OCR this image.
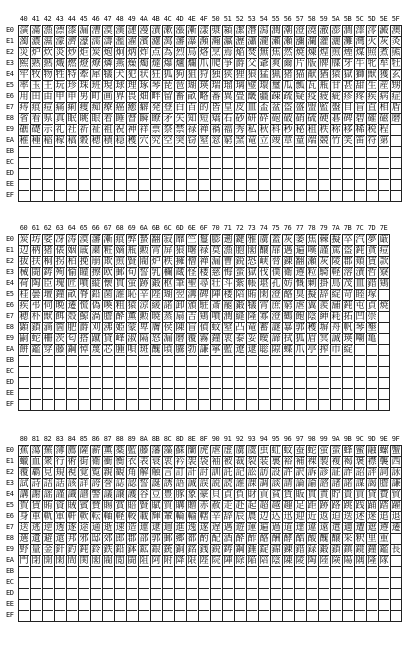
40 41 42 43 44 45 46 47 48 49 4A 4B 4C 4D 4E 4F 50 51 52 53 54 55 56 57 58 59 5A 5B 5C 5D 5E 5F
E0 演 滿 漁 漂 漆 漏 漕 漠 漢 漣 漫 漬 漱 漲 漸 漾 漿 潁 潔 潛 潟 潤 潮 澄 澆 澈 澎 澗 澤 澪 澱 澳
E1 濁 濃 濕 濛 濟 濠 濡 濤 濫 濯 濱 濾 瀉 瀋 瀑 瀕 瀚 瀛 瀝 瀟 瀧 瀨 瀬 瀰 瀾 灌 灑 灘 灣 火 灰 灸
E2 災 炉 炊 炎 炒 炬 炭 炮 炯 炳 炸 点 為 烈 烏 烙 烹 焉 焔 焚 無 焦 然 焼 煉 煌 煎 煙 煤 照 煮 熊
E3 熙 熟 熱 熾 燃 燈 燎 燐 燕 燥 燭 燵 爆 爐 爛 爪 爬 爭 爵 父 爺 爽 爾 片 版 牌 牒 牙 牛 牝 牟 牡
E4 牢 牧 物 牲 特 牽 犀 犠 犬 犯 状 狂 狐 狗 狙 狩 独 狭 狸 狼 猛 猟 猪 猫 献 猶 猿 獄 獅 獣 獲 玄
E5 率 玉 王 玩 珍 珠 班 現 球 理 琢 琴 琵 琶 瑚 瑛 瑞 瑠 璃 璧 環 璽 瓜 瓢 瓦 瓶 甘 甚 甜 生 産 甥
E6 用 田 由 甲 申 男 町 画 界 畏 畑 畔 留 畜 畝 略 番 異 畳 畿 疆 疎 疏 疑 疫 疲 疵 疹 疼 疾 病 症
E7 痔 痕 痘 痛 痢 痩 痴 療 癌 癒 癖 発 登 白 百 的 皆 皇 皮 皿 盃 盆 盗 盛 盟 監 盤 目 盲 直 相 盾
E8 省 看 県 真 眠 眺 眼 着 睡 督 瞬 瞭 矛 矢 知 短 矯 石 砂 研 砕 砲 破 硝 硫 硬 碁 碑 碧 確 磁 磨
E9 礁 礎 示 礼 社 祈 祉 祖 祝 神 祥 票 祭 禁 禄 禅 禍 福 秀 私 秋 科 秒 秘 租 秩 称 移 稀 税 程
EA 稚 種 稲 稼 稿 穀 穂 積 穏 穫 穴 究 空 突 窃 窒 窓 窮 窯 竜 立 竣 章 童 端 競 竹 笑 笛 符 第
EB
EC
ED
EE
EF
60 61 62 63 64 65 66 67 68 69 6A 6B 6C 6D 6E 6F 70 71 72 73 74 75 76 77 78 79 7A 7B 7C 7D 7E
E0 炭 坊 娑 冴 涛 漠 瀋 漸 痕 弊 蟄 翻 寂 靡 竺 鬘 膨 遡 鍵 雅 虜 蓋 灰 萎 焦 棘 擬 卒 汽 夢 厳
E1 辺 柄 猪 俵 姻 戚 粛 粧 嫡 瓶 勲 宵 屏 狼 曙 禄 莫 漁 胞 閣 醸 扉 遇 遍 嘆 謹 篤 盗 鈍 貪 痘
E2 抜 扶 桐 拐 柏 挽 崩 欺 煎 賢 閥 炉 秩 擁 僧 禅 漏 曹 鋭 恐 峡 脅 錬 翻 瀬 灰 陵 郡 頬 賃 款
E3 械 闘 鋳 殉 愉 瞳 擦 欧 郵 旬 誓 乳 欄 蔵 怪 楼 慈 悔 蛮 獄 伐 僕 衛 遵 粒 騎 軽 溶 漬 哲 寮
E4 荷 陶 臣 塊 匠 噴 縦 懐 貫 蛍 跡 鍛 枢 筆 聖 尋 壮 斗 紫 帳 堪 孔 妨 慨 剰 掛 鳥 茂 皿 錯 鶏
E5 桂 曇 壇 鐘 畝 脊 鉛 菌 誰 恥 辛 陛 瑚 翌 溝 碑 陣 楼 陪 賄 閑 澄 酪 臭 擬 辞 綻 苛 睦 塚
E6 疾 弔 伺 晩 遷 慌 偽 喚 粗 猿 涼 緩 諾 卸 頒 駐 斎 罷 鍛 犠 宵 庶 窮 虐 翼 羨 舗 鈍 屯 貞 焼
E7 穂 朴 獣 餌 殻 鯨 渦 謄 酔 薫 勲 暁 蒸 扇 吉 鶏 噴 潤 縫 隆 寡 澄 鶴 飽 陰 紳 耗 拓 凹 崇
E8 顕 鎖 滴 箇 肥 爵 刈 沸 姫 蒙 卑 膚 侯 陳 盲 偵 蚊 窒 凸 竜 蓄 謎 暴 郭 穫 塀 舟 帆 琴 墾
E9 嗣 蛇 柵 茨 匂 搭 蹴 貸 峰 淑 隔 怒 漏 磨 覆 霧 鐘 衷 泰 妥 曖 諦 拭 狐 眉 冥 誠 瑛 嘲 亀
EA 餅 鑑 穿 藤 鋼 悼 蔑 芯 腫 唄 斑 醜 頃 騰 勃 謙 寧 藍 遼 逮 聡 隙 蝶 爪 亭 搾 巾 綻
EB
EC
ED
EE
EF
80 81 82 83 84 85 86 87 88 89 8A 8B 8C 8D 8E 8F 90 91 92 93 94 95 96 97 98 99 9A 9B 9C 9D 9E 9F
E0 蕉 蕩 蕪 薄 薦 薩 薪 薫 薬 藍 藤 藩 藻 蘇 蘭 虎 虐 虚 虜 虞 虫 虹 蚊 蚕 蛇 蛍 蛮 蜂 蜜 融 螺 蟹
E1 蠟 血 衆 行 術 街 衛 衝 衡 衣 表 衰 衷 衿 袈 袋 袖 被 裁 裂 装 裏 裕 補 裸 製 複 褐 褒 襟 襲 西
E2 覆 覇 見 規 視 覚 覧 親 観 角 解 触 言 訂 計 討 訓 託 記 訟 訪 設 許 訳 訴 診 証 詐 詔 評 詞 詠
E3 試 詩 詰 話 該 詳 誇 誉 誌 認 誓 誕 誘 語 誠 誤 説 読 誰 課 調 談 請 論 諭 諮 諸 諾 謀 謁 謄 謙
E4 講 謝 謡 謹 識 譜 警 議 譲 護 谷 豆 豊 豚 象 豪 貝 貞 負 財 貢 貧 貨 販 貫 責 貯 貴 買 貸 費 貿
E5 賀 賃 賄 資 賊 賓 賛 賜 賞 賠 賢 賦 質 購 贈 赤 赦 走 赴 起 超 越 趣 足 距 跡 路 跳 践 踊 踏 躍
E6 身 車 軌 軍 軒 軟 転 軸 軽 較 載 輝 輩 輪 輸 轄 辛 辞 辰 農 辺 込 迅 迎 近 返 迫 迭 述 迷 追 退
E7 送 逃 逆 透 逐 途 通 逝 速 造 連 逮 週 進 逸 遂 遅 遇 遊 運 遍 過 道 達 違 遠 遣 適 遭 遮 遵 遷
E8 選 遺 避 還 邦 邪 邸 郊 郎 郡 部 郭 郵 郷 都 酌 配 酒 酔 酢 酪 酬 酵 酷 酸 醜 醸 采 釈 里 重
E9 野 量 金 針 釣 鈍 鈴 鉄 鉛 鉢 鉱 銀 銃 銅 銘 銭 鋭 鋳 鋼 錘 錠 錦 錬 錯 録 鍛 鎖 鎮 鏡 鐘 鑑 長
EA 門 閉 開 閑 間 関 閣 閥 閲 闘 阻 阿 附 降 限 陛 院 陣 除 陥 陪 陰 陳 陵 陶 陸 険 陽 隅 隆 隊
EB
EC
ED
EE
EF
